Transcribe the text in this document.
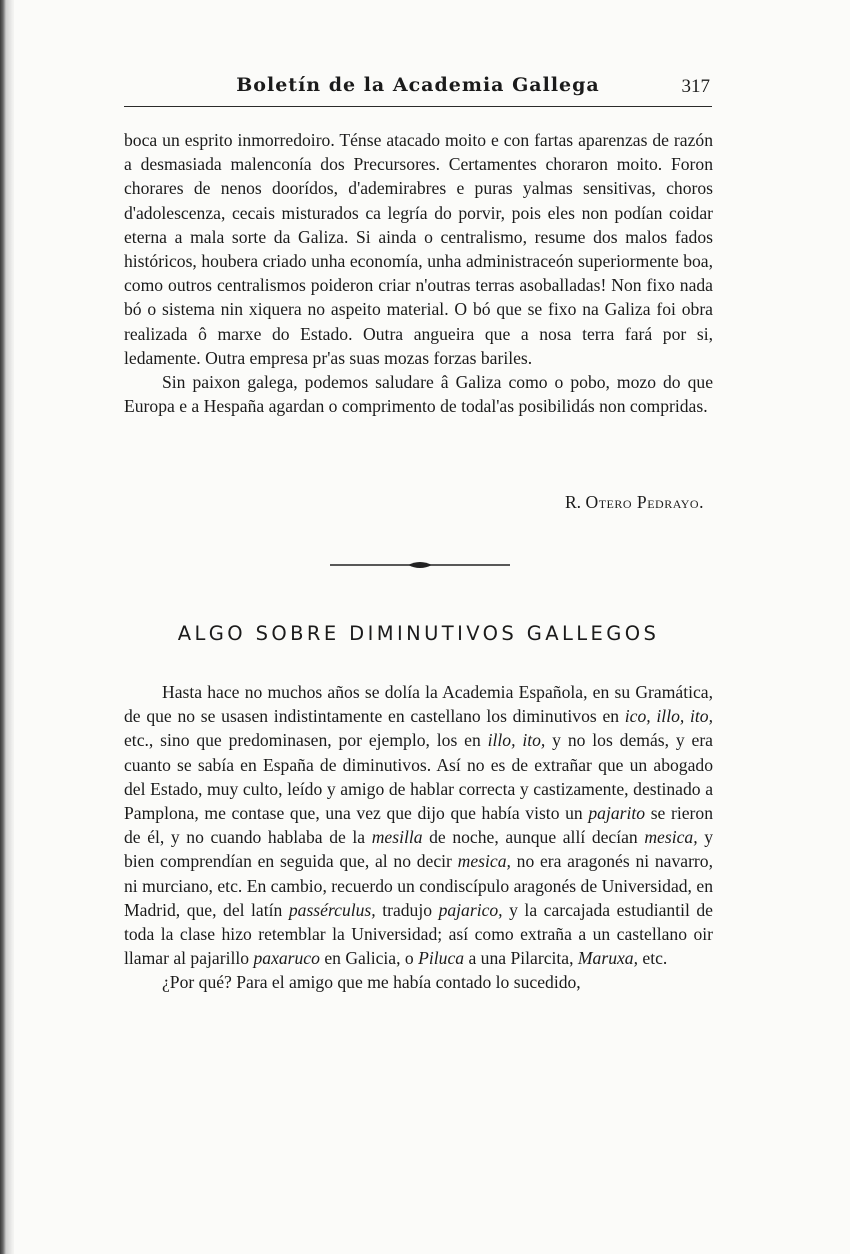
Boletín de la Academia Gallega	317

boca un esprito inmorredoiro. Ténse atacado moito e con fartas aparenzas de razón a desmasiada malenconía dos Precursores. Certamentes choraron moito. Foron chorares de nenos doorídos, d'ademirabres e puras yalmas sensitivas, choros d'adolescenza, cecais misturados ca legría do porvir, pois eles non podían coidar eterna a mala sorte da Galiza. Si ainda o centralismo, resume dos malos fados históricos, houbera criado unha economía, unha administraceón superiormente boa, como outros centralismos poideron criar n'outras terras asoballadas! Non fixo nada bó o sistema nin xiquera no aspeito material. O bó que se fixo na Galiza foi obra realizada ô marxe do Estado. Outra angueira que a nosa terra fará por si, ledamente. Outra empresa pr'as suas mozas forzas bariles.

Sin paixon galega, podemos saludare â Galiza como o pobo, mozo do que Europa e a Hespaña agardan o comprimento de todal'as posibilidás non compridas.

R. Otero Pedrayo.
ALGO SOBRE DIMINUTIVOS GALLEGOS

Hasta hace no muchos años se dolía la Academia Española, en su Gramática, de que no se usasen indistintamente en castellano los diminutivos en ico, illo, ito, etc., sino que predominasen, por ejemplo, los en illo, ito, y no los demás, y era cuanto se sabía en España de diminutivos. Así no es de extrañar que un abogado del Estado, muy culto, leído y amigo de hablar correcta y castizamente, destinado a Pamplona, me contase que, una vez que dijo que había visto un pajarito se rieron de él, y no cuando hablaba de la mesilla de noche, aunque allí decían mesica, y bien comprendían en seguida que, al no decir mesica, no era aragonés ni navarro, ni murciano, etc. En cambio, recuerdo un condiscípulo aragonés de Universidad, en Madrid, que, del latín passérculus, tradujo pajarico, y la carcajada estudiantil de toda la clase hizo retemblar la Universidad; así como extraña a un castellano oir llamar al pajarillo paxaruco en Galicia, o Piluca a una Pilarcita, Maruxa, etc.

¿Por qué? Para el amigo que me había contado lo sucedido,
